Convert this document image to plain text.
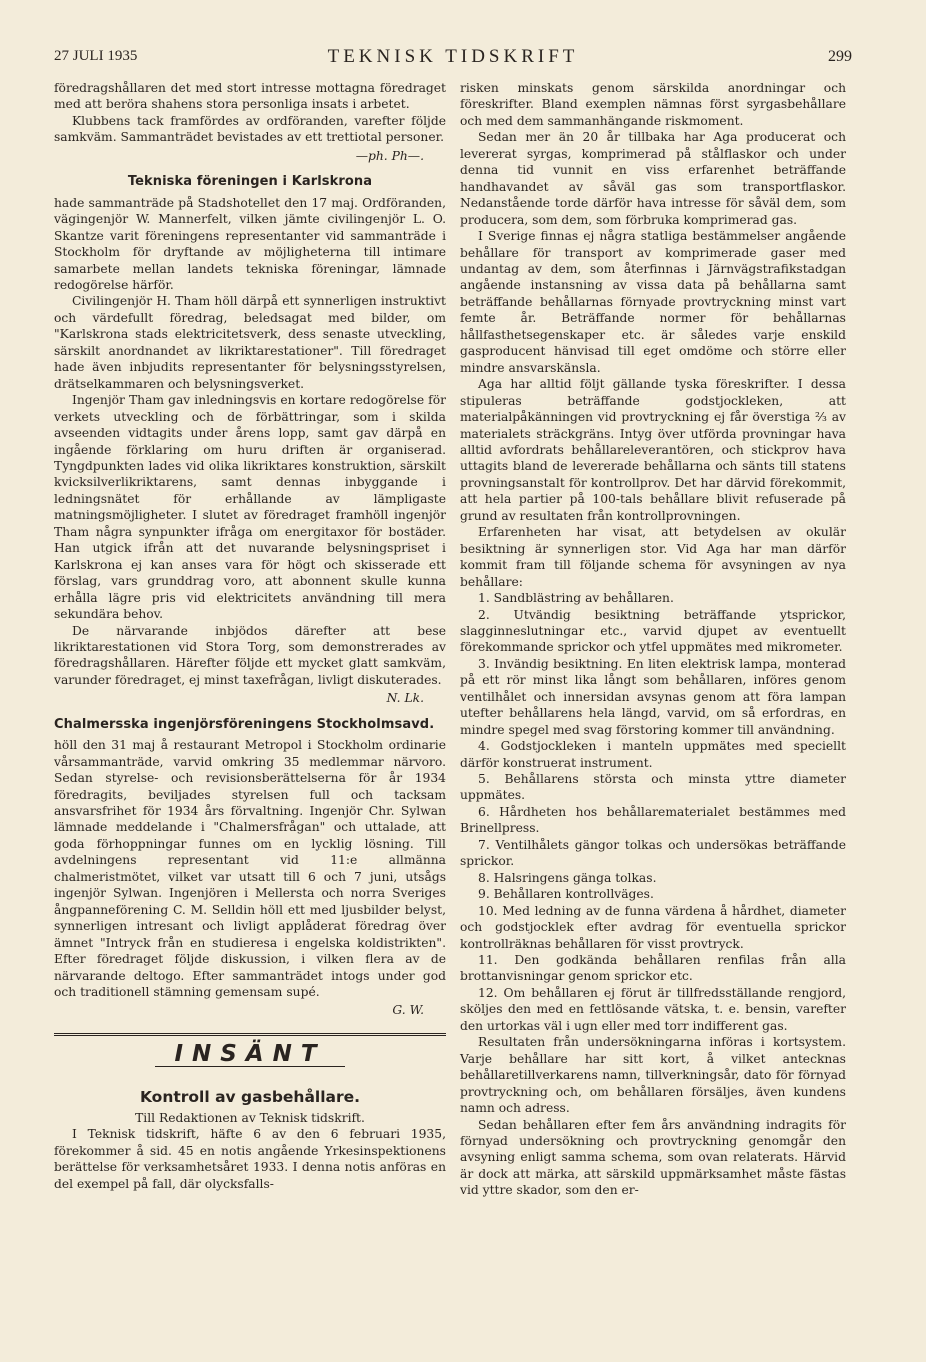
27 JULI 1935	TEKNISK TIDSKRIFT	299

föredragshållaren det med stort intresse mottagna föredraget med att beröra shahens stora personliga insats i arbetet.

Klubbens tack framfördes av ordföranden, varefter följde samkväm. Sammanträdet bevistades av ett trettiotal personer.

—ph. Ph—.
Tekniska föreningen i Karlskrona

hade sammanträde på Stadshotellet den 17 maj. Ordföranden, vägingenjör W. Mannerfelt, vilken jämte civilingenjör L. O. Skantze varit föreningens representanter vid sammanträde i Stockholm för dryftande av möjligheterna till intimare samarbete mellan landets tekniska föreningar, lämnade redogörelse härför.

Civilingenjör H. Tham höll därpå ett synnerligen instruktivt och värdefullt föredrag, beledsagat med bilder, om "Karlskrona stads elektricitetsverk, dess senaste utveckling, särskilt anordnandet av likriktarestationer". Till föredraget hade även inbjudits representanter för belysningsstyrelsen, drätselkammaren och belysningsverket.

Ingenjör Tham gav inledningsvis en kortare redogörelse för verkets utveckling och de förbättringar, som i skilda avseenden vidtagits under årens lopp, samt gav därpå en ingående förklaring om huru driften är organiserad. Tyngdpunkten lades vid olika likriktares konstruktion, särskilt kvicksilverlikriktarens, samt dennas inbyggande i ledningsnätet för erhållande av lämpligaste matningsmöjligheter. I slutet av föredraget framhöll ingenjör Tham några synpunkter ifråga om energitaxor för bostäder. Han utgick ifrån att det nuvarande belysningspriset i Karlskrona ej kan anses vara för högt och skisserade ett förslag, vars grunddrag voro, att abonnent skulle kunna erhålla lägre pris vid elektricitets användning till mera sekundära behov.

De närvarande inbjödos därefter att bese likriktarestationen vid Stora Torg, som demonstrerades av föredragshållaren. Härefter följde ett mycket glatt samkväm, varunder föredraget, ej minst taxefrågan, livligt diskuterades.

N. Lk.
Chalmersska ingenjörsföreningens Stockholmsavd.

höll den 31 maj å restaurant Metropol i Stockholm ordinarie vårsammanträde, varvid omkring 35 medlemmar närvoro. Sedan styrelse- och revisionsberättelserna för år 1934 föredragits, beviljades styrelsen full och tacksam ansvarsfrihet för 1934 års förvaltning. Ingenjör Chr. Sylwan lämnade meddelande i "Chalmersfrågan" och uttalade, att goda förhoppningar funnes om en lycklig lösning. Till avdelningens representant vid 11:e allmänna chalmeristmötet, vilket var utsatt till 6 och 7 juni, utsågs ingenjör Sylwan. Ingenjören i Mellersta och norra Sveriges ångpanneförening C. M. Selldin höll ett med ljusbilder belyst, synnerligen intresant och livligt applåderat föredrag över ämnet "Intryck från en studieresa i engelska koldistrikten". Efter föredraget följde diskussion, i vilken flera av de närvarande deltogo. Efter sammanträdet intogs under god och traditionell stämning gemensam supé.

G. W.
INSÄNT
Kontroll av gasbehållare.

Till Redaktionen av Teknisk tidskrift.

I Teknisk tidskrift, häfte 6 av den 6 februari 1935, förekommer å sid. 45 en notis angående Yrkesinspektionens berättelse för verksamhetsåret 1933. I denna notis anföras en del exempel på fall, där olycksfalls-

risken minskats genom särskilda anordningar och föreskrifter. Bland exemplen nämnas först syrgasbehållare och med dem sammanhängande riskmoment.

Sedan mer än 20 år tillbaka har Aga producerat och levererat syrgas, komprimerad på stålflaskor och under denna tid vunnit en viss erfarenhet beträffande handhavandet av såväl gas som transportflaskor. Nedanstående torde därför hava intresse för såväl dem, som producera, som dem, som förbruka komprimerad gas.

I Sverige finnas ej några statliga bestämmelser angående behållare för transport av komprimerade gaser med undantag av dem, som återfinnas i Järnvägstrafikstadgan angående instansning av vissa data på behållarna samt beträffande behållarnas förnyade provtryckning minst vart femte år. Beträffande normer för behållarnas hållfasthetsegenskaper etc. är således varje enskild gasproducent hänvisad till eget omdöme och större eller mindre ansvarskänsla.

Aga har alltid följt gällande tyska föreskrifter. I dessa stipuleras beträffande godstjockleken, att materialpåkänningen vid provtryckning ej får överstiga ⅔ av materialets sträckgräns. Intyg över utförda provningar hava alltid avfordrats behållareleverantören, och stickprov hava uttagits bland de levererade behållarna och sänts till statens provningsanstalt för kontrollprov. Det har därvid förekommit, att hela partier på 100-tals behållare blivit refuserade på grund av resultaten från kontrollprovningen.

Erfarenheten har visat, att betydelsen av okulär besiktning är synnerligen stor. Vid Aga har man därför kommit fram till följande schema för avsyningen av nya behållare:

1. Sandblästring av behållaren.

2. Utvändig besiktning beträffande ytsprickor, slagginneslutningar etc., varvid djupet av eventuellt förekommande sprickor och ytfel uppmätes med mikrometer.

3. Invändig besiktning. En liten elektrisk lampa, monterad på ett rör minst lika långt som behållaren, införes genom ventilhålet och innersidan avsynas genom att föra lampan utefter behållarens hela längd, varvid, om så erfordras, en mindre spegel med svag förstoring kommer till användning.

4. Godstjockleken i manteln uppmätes med speciellt därför konstruerat instrument.

5. Behållarens största och minsta yttre diameter uppmätes.

6. Hårdheten hos behållarematerialet bestämmes med Brinellpress.

7. Ventilhålets gängor tolkas och undersökas beträffande sprickor.

8. Halsringens gänga tolkas.

9. Behållaren kontrollväges.

10. Med ledning av de funna värdena å hårdhet, diameter och godstjocklek efter avdrag för eventuella sprickor kontrollräknas behållaren för visst provtryck.

11. Den godkända behållaren renfilas från alla brottanvisningar genom sprickor etc.

12. Om behållaren ej förut är tillfredsställande rengjord, sköljes den med en fettlösande vätska, t. e. bensin, varefter den urtorkas väl i ugn eller med torr indifferent gas.

Resultaten från undersökningarna införas i kortsystem. Varje behållare har sitt kort, å vilket antecknas behållaretillverkarens namn, tillverkningsår, dato för förnyad provtryckning och, om behållaren försäljes, även kundens namn och adress.

Sedan behållaren efter fem års användning indragits för förnyad undersökning och provtryckning genomgår den avsyning enligt samma schema, som ovan relaterats. Härvid är dock att märka, att särskild uppmärksamhet måste fästas vid yttre skador, som den er-
